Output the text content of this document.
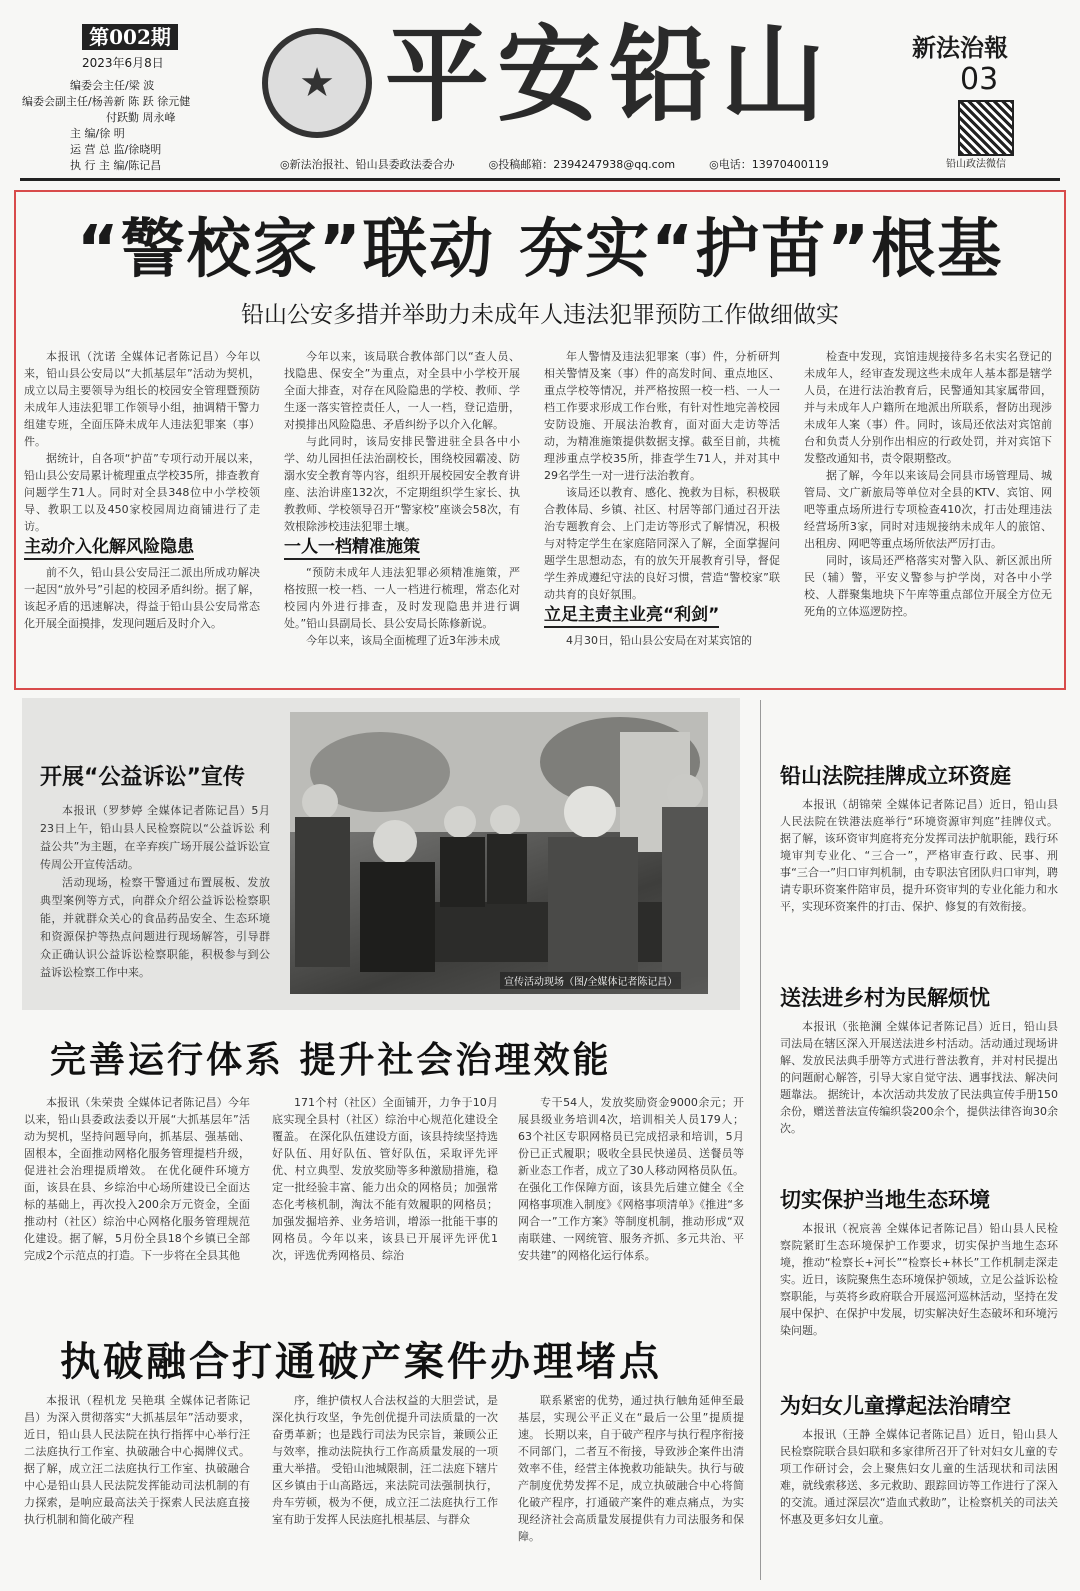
第002期
2023年6月8日
编委会主任/梁 波
编委会副主任/杨善新 陈 跃 徐元健
付跃勤 周永峰
主 编/徐 明
运 营 总 监/徐晓明
执 行 主 编/陈记昌
★ 平安铅山	新法治報
03
铅山政法微信
◎新法治报社、铅山县委政法委合办	◎投稿邮箱：2394247938@qq.com	◎电话：13970400119
“警校家”联动 夯实“护苗”根基
铅山公安多措并举助力未成年人违法犯罪预防工作做细做实

本报讯（沈诺 全媒体记者陈记昌）今年以来，铅山县公安局以“大抓基层年”活动为契机，成立以局主要领导为组长的校园安全管理暨预防未成年人违法犯罪工作领导小组，抽调精干警力组建专班，全面压降未成年人违法犯罪案（事）件。

据统计，自各项“护苗”专项行动开展以来，铅山县公安局累计梳理重点学校35所，排查教育问题学生71人。同时对全县348位中小学校领导、教职工以及450家校园周边商铺进行了走访。

主动介入化解风险隐患

前不久，铅山县公安局汪二派出所成功解决一起因“放外号”引起的校园矛盾纠纷。据了解，该起矛盾的迅速解决，得益于铅山县公安局常态化开展全面摸排，发现问题后及时介入。

今年以来，该局联合教体部门以“查人员、找隐患、保安全”为重点，对全县中小学校开展全面大排查，对存在风险隐患的学校、教师、学生逐一落实管控责任人，一人一档，登记造册，对摸排出风险隐患、矛盾纠纷予以介入化解。

与此同时，该局安排民警进驻全县各中小学、幼儿园担任法治副校长，围绕校园霸凌、防溺水安全教育等内容，组织开展校园安全教育讲座、法治讲座132次，不定期组织学生家长、执教教师、学校领导召开“警家校”座谈会58次，有效根除涉校违法犯罪土壤。

一人一档精准施策

“预防未成年人违法犯罪必须精准施策，严格按照一校一档、一人一档进行梳理，常态化对校园内外进行排查，及时发现隐患并进行调处。”铅山县副局长、县公安局长陈修新说。

今年以来，该局全面梳理了近3年涉未成

年人警情及违法犯罪案（事）件，分析研判相关警情及案（事）件的高发时间、重点地区、重点学校等情况，并严格按照一校一档、一人一档工作要求形成工作台账，有针对性地完善校园安防设施、开展法治教育，面对面大走访等活动，为精准施策提供数据支撑。截至目前，共梳理涉重点学校35所，排查学生71人，并对其中29名学生一对一进行法治教育。

该局还以教育、感化、挽救为目标，积极联合教体局、乡镇、社区、村居等部门通过召开法治专题教育会、上门走访等形式了解情况，积极与对特定学生在家庭陪同深入了解，全面掌握问题学生思想动态，有的放矢开展教育引导，督促学生养成遵纪守法的良好习惯，营造“警校家”联动共育的良好氛围。

立足主责主业亮“利剑”

4月30日，铅山县公安局在对某宾馆的

检查中发现，宾馆违规接待多名未实名登记的未成年人，经审查发现这些未成年人基本都是辖学人员，在进行法治教育后，民警通知其家属带回，并与未成年人户籍所在地派出所联系，督防出现涉未成年人案（事）件。同时，该局还依法对宾馆前台和负责人分别作出相应的行政处罚，并对宾馆下发整改通知书，责令限期整改。

据了解，今年以来该局会同县市场管理局、城管局、文广新旅局等单位对全县的KTV、宾馆、网吧等重点场所进行专项检查410次，打击处理违法经营场所3家，同时对违规接纳未成年人的旅馆、出租房、网吧等重点场所依法严厉打击。

同时，该局还严格落实对警入队、新区派出所民（辅）警，平安义警参与护学岗，对各中小学校、人群聚集地块下午库等重点部位开展全方位无死角的立体巡逻防控。

开展“公益诉讼”宣传

本报讯（罗梦婷 全媒体记者陈记昌）5月23日上午，铅山县人民检察院以“公益诉讼 利益公共”为主题，在辛弃疾广场开展公益诉讼宣传周公开宣传活动。

活动现场，检察干警通过布置展板、发放典型案例等方式，向群众介绍公益诉讼检察职能，并就群众关心的食品药品安全、生态环境和资源保护等热点问题进行现场解答，引导群众正确认识公益诉讼检察职能，积极参与到公益诉讼检察工作中来。

宣传活动现场（图/全媒体记者陈记昌）
完善运行体系 提升社会治理效能

本报讯（朱荣贵 全媒体记者陈记昌）今年以来，铅山县委政法委以开展“大抓基层年”活动为契机，坚持问题导向，抓基层、强基础、固根本，全面推动网格化服务管理提档升级，促进社会治理提质增效。 在优化硬件环境方面，该县在县、乡综治中心场所建设已全面达标的基础上，再次投入200余万元资金，全面推动村（社区）综治中心网格化服务管理规范化建设。据了解，5月份全县18个乡镇已全部完成2个示范点的打造。下一步将在全县其他

171个村（社区）全面铺开，力争于10月底实现全县村（社区）综治中心规范化建设全覆盖。 在深化队伍建设方面，该县持续坚持选好队伍、用好队伍、管好队伍，采取评先评优、村立典型、发放奖励等多种激励措施，稳定一批经验丰富、能力出众的网格员；加强常态化考核机制，淘汰不能有效履职的网格员；加强发掘培养、业务培训，增添一批能干事的网格员。今年以来，该县已开展评先评优1次，评选优秀网格员、综治

专干54人，发放奖励资金9000余元；开展县级业务培训4次，培训相关人员179人；63个社区专职网格员已完成招录和培训，5月份已正式履职；吸收全县民快递员、送餐员等新业态工作者，成立了30人移动网格员队伍。 在强化工作保障方面，该县先后建立健全《全网格事项准入制度》《网格事项清单》《推进“多网合一”工作方案》等制度机制，推动形成“双南联建、一网统管、服务齐抓、多元共治、平安共建”的网格化运行体系。

执破融合打通破产案件办理堵点

本报讯（程机龙 吴艳琪 全媒体记者陈记昌）为深入贯彻落实“大抓基层年”活动要求，近日，铅山县人民法院在执行指挥中心举行汪二法庭执行工作室、执破融合中心揭牌仪式。 据了解，成立汪二法庭执行工作室、执破融合中心是铅山县人民法院发挥能动司法机制的有力探索，是响应最高法关于探索人民法庭直接执行机制和简化破产程

序，维护债权人合法权益的大胆尝试，是深化执行攻坚，争先创优提升司法质量的一次奋勇革新；也是践行司法为民宗旨，兼顾公正与效率，推动法院执行工作高质量发展的一项重大举措。 受铅山池城限制，汪二法庭下辖片区乡镇由于山高路远，来法院司法强制执行，舟车劳顿，极为不便，成立汪二法庭执行工作室有助于发挥人民法庭扎根基层、与群众

联系紧密的优势，通过执行触角延伸至最基层，实现公平正义在“最后一公里”提质提速。 长期以来，自于破产程序与执行程序衔接不同部门，二者互不衔接，导致涉企案件出清效率不佳，经营主体挽救功能缺失。执行与破产制度优势发挥不足，成立执破融合中心将简化破产程序，打通破产案件的难点痛点，为实现经济社会高质量发展提供有力司法服务和保障。

铅山法院挂牌成立环资庭

本报讯（胡锦荣 全媒体记者陈记昌）近日，铅山县人民法院在铁港法庭举行“环境资源审判庭”挂牌仪式。 据了解，该环资审判庭将充分发挥司法护航职能，践行环境审判专业化、“三合一”，严格审查行政、民事、刑事“三合一”归口审判机制，由专职法官团队归口审判，聘请专职环资案件陪审员，提升环资审判的专业化能力和水平，实现环资案件的打击、保护、修复的有效衔接。

送法进乡村为民解烦忧

本报讯（张艳澜 全媒体记者陈记昌）近日，铅山县司法局在辖区深入开展送法进乡村活动。活动通过现场讲解、发放民法典手册等方式进行普法教育，并对村民提出的问题耐心解答，引导大家自觉守法、遇事找法、解决问题靠法。 据统计，本次活动共发放了民法典宣传手册150余份，赠送普法宣传编织袋200余个，提供法律咨询30余次。

切实保护当地生态环境

本报讯（祝宸善 全媒体记者陈记昌）铅山县人民检察院紧盯生态环境保护工作要求，切实保护当地生态环境，推动“检察长+河长”“检察长+林长”工作机制走深走实。近日，该院聚焦生态环境保护领域，立足公益诉讼检察职能，与英将乡政府联合开展巡河巡林活动，坚持在发展中保护、在保护中发展，切实解决好生态破坏和环境污染问题。

为妇女儿童撑起法治晴空

本报讯（王静 全媒体记者陈记昌）近日，铅山县人民检察院联合县妇联和多家律所召开了针对妇女儿童的专项工作研讨会，会上聚焦妇女儿童的生活现状和司法困难，就线索移送、多元救助、跟踪回访等工作进行了深入的交流。通过深层次“造血式救助”，让检察机关的司法关怀惠及更多妇女儿童。
